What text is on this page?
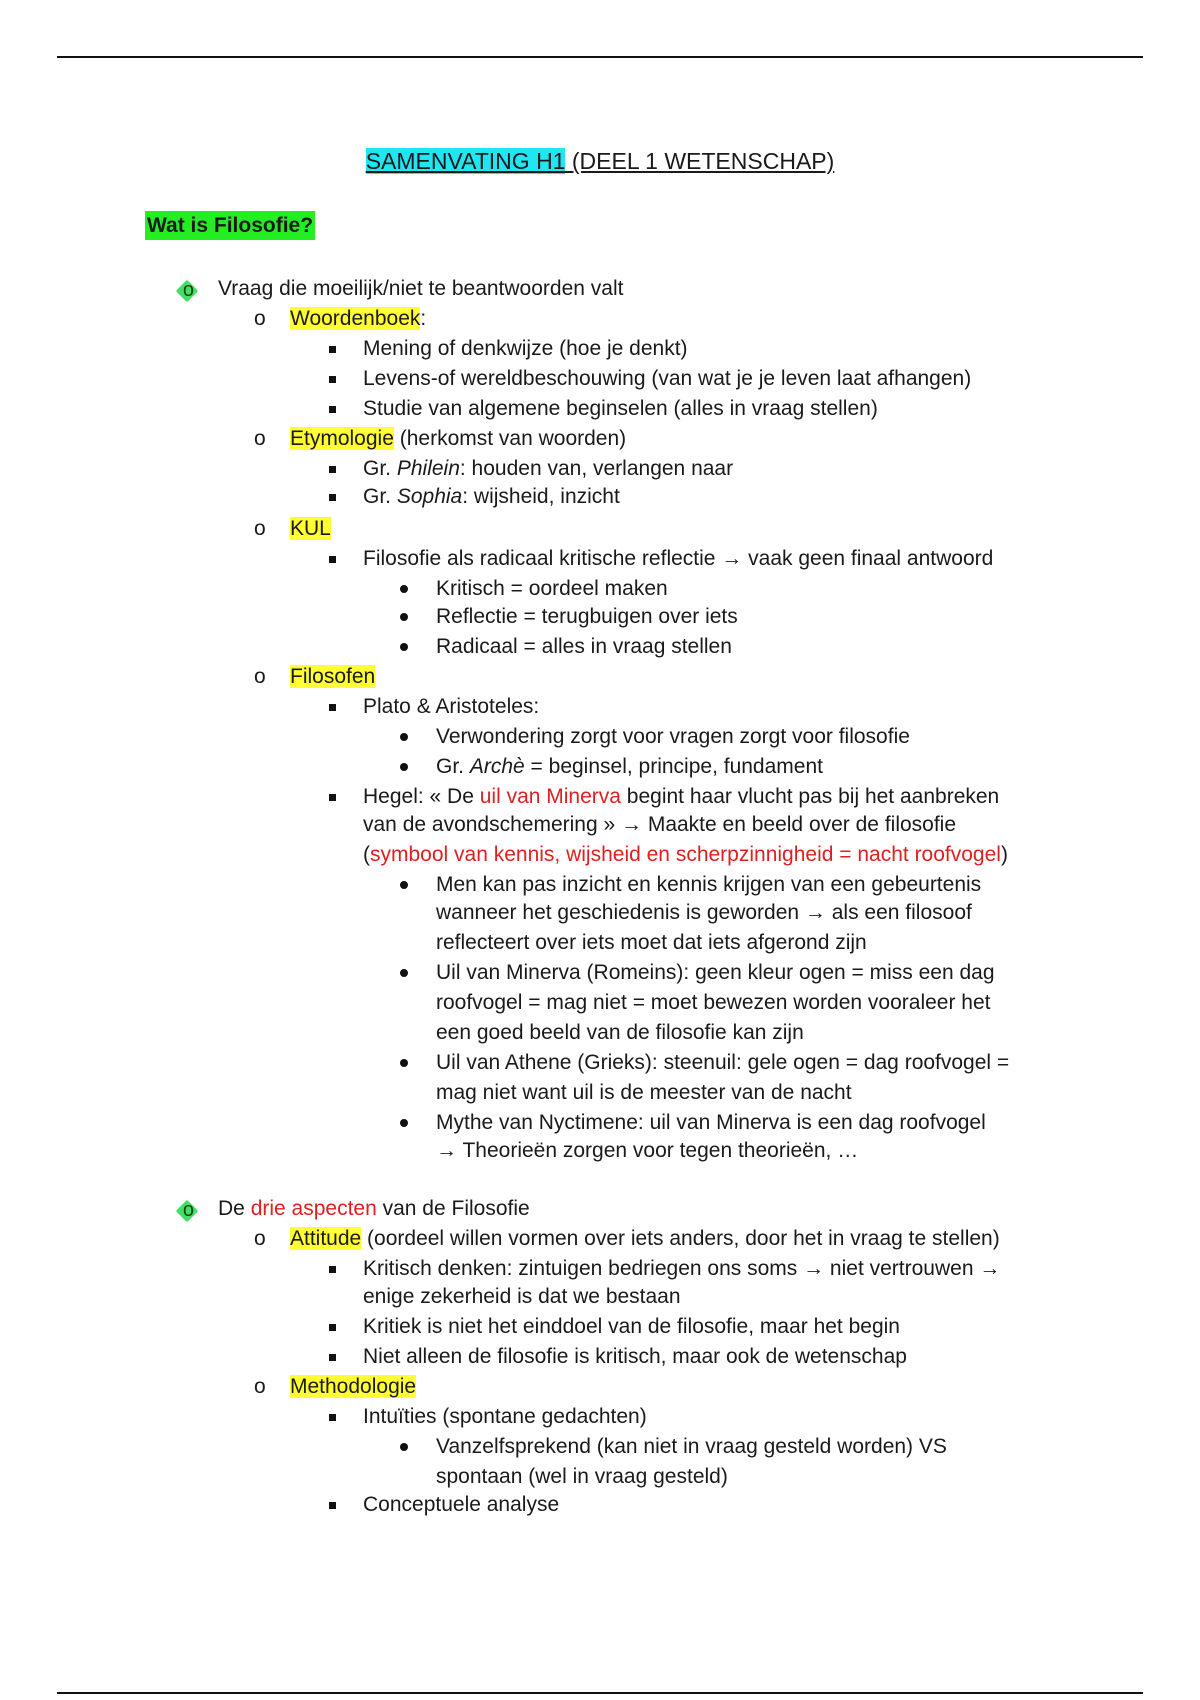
SAMENVATING H1 (DEEL 1 WETENSCHAP)
Wat is Filosofie?
o
Vraag die moeilijk/niet te beantwoorden valt
o Woordenboek:
Mening of denkwijze (hoe je denkt)
Levens-of wereldbeschouwing (van wat je je leven laat afhangen)
Studie van algemene beginselen (alles in vraag stellen)
o Etymologie (herkomst van woorden)
Gr. Philein: houden van, verlangen naar
Gr. Sophia: wijsheid, inzicht
o KUL
Filosofie als radicaal kritische reflectie → vaak geen finaal antwoord
Kritisch = oordeel maken
Reflectie = terugbuigen over iets
Radicaal = alles in vraag stellen
o Filosofen
Plato & Aristoteles:
Verwondering zorgt voor vragen zorgt voor filosofie
Gr. Archè = beginsel, principe, fundament
Hegel: « De uil van Minerva begint haar vlucht pas bij het aanbreken
van de avondschemering » → Maakte en beeld over de filosofie
(symbool van kennis, wijsheid en scherpzinnigheid = nacht roofvogel)
Men kan pas inzicht en kennis krijgen van een gebeurtenis
wanneer het geschiedenis is geworden → als een filosoof
reflecteert over iets moet dat iets afgerond zijn
Uil van Minerva (Romeins): geen kleur ogen = miss een dag
roofvogel = mag niet = moet bewezen worden vooraleer het
een goed beeld van de filosofie kan zijn
Uil van Athene (Grieks): steenuil: gele ogen = dag roofvogel =
mag niet want uil is de meester van de nacht
Mythe van Nyctimene: uil van Minerva is een dag roofvogel
→ Theorieën zorgen voor tegen theorieën, …
o
De drie aspecten van de Filosofie
o Attitude (oordeel willen vormen over iets anders, door het in vraag te stellen)
Kritisch denken: zintuigen bedriegen ons soms → niet vertrouwen →
enige zekerheid is dat we bestaan
Kritiek is niet het einddoel van de filosofie, maar het begin
Niet alleen de filosofie is kritisch, maar ook de wetenschap
o Methodologie
Intuïties (spontane gedachten)
Vanzelfsprekend (kan niet in vraag gesteld worden) VS
spontaan (wel in vraag gesteld)
Conceptuele analyse
